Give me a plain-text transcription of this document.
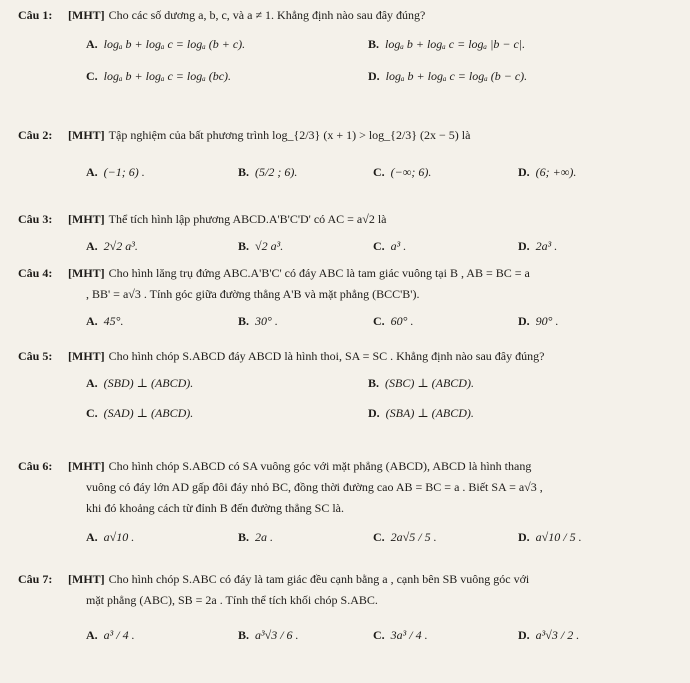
Câu 1: [MHT] Cho các số dương a, b, c, và a ≠ 1. Khẳng định nào sau đây đúng?
A. logₐ b + logₐ c = logₐ (b + c).	B. logₐ b + logₐ c = logₐ |b − c|.
C. logₐ b + logₐ c = logₐ (bc).	D. logₐ b + logₐ c = logₐ (b − c).
Câu 2: [MHT] Tập nghiệm của bất phương trình log_{2/3} (x + 1) > log_{2/3} (2x − 5) là
A. (−1; 6) .	B. (5/2 ; 6).	C. (−∞; 6).	D. (6; +∞).
Câu 3: [MHT] Thể tích hình lập phương ABCD.A'B'C'D' có AC = a√2 là
A. 2√2 a³.	B. √2 a³.	C. a³ .	D. 2a³ .
Câu 4: [MHT] Cho hình lăng trụ đứng ABC.A'B'C' có đáy ABC là tam giác vuông tại B , AB = BC = a
, BB' = a√3 . Tính góc giữa đường thẳng A'B và mặt phẳng (BCC'B').
A. 45°.	B. 30° .	C. 60° .	D. 90° .
Câu 5: [MHT] Cho hình chóp S.ABCD đáy ABCD là hình thoi, SA = SC . Khẳng định nào sau đây đúng?
A. (SBD) ⊥ (ABCD).	B. (SBC) ⊥ (ABCD).
C. (SAD) ⊥ (ABCD).	D. (SBA) ⊥ (ABCD).
Câu 6: [MHT] Cho hình chóp S.ABCD có SA vuông góc với mặt phẳng (ABCD), ABCD là hình thang
vuông có đáy lớn AD gấp đôi đáy nhỏ BC, đồng thời đường cao AB = BC = a . Biết SA = a√3 ,
khi đó khoảng cách từ đỉnh B đến đường thẳng SC là.
A. a√10 .	B. 2a .	C. 2a√5 / 5 .	D. a√10 / 5 .
Câu 7: [MHT] Cho hình chóp S.ABC có đáy là tam giác đều cạnh bằng a , cạnh bên SB vuông góc với
mặt phẳng (ABC), SB = 2a . Tính thể tích khối chóp S.ABC.
A. a³ / 4 .	B. a³√3 / 6 .	C. 3a³ / 4 .	D. a³√3 / 2 .
